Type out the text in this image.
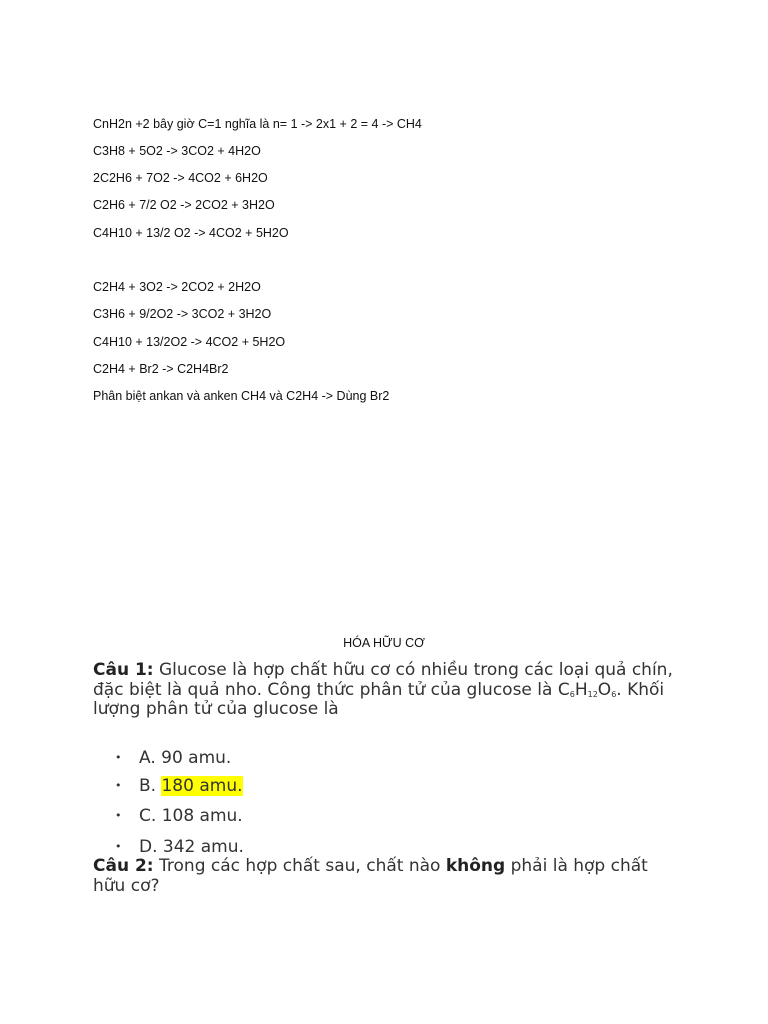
CnH2n +2 bây giờ C=1 nghĩa là n= 1 -> 2x1 + 2 = 4 -> CH4
C3H8 + 5O2 -> 3CO2 + 4H2O
2C2H6 + 7O2 -> 4CO2 + 6H2O
C2H6 + 7/2 O2 -> 2CO2 + 3H2O
C4H10 + 13/2 O2 -> 4CO2 + 5H2O
C2H4 + 3O2 -> 2CO2 + 2H2O
C3H6 + 9/2O2 -> 3CO2 + 3H2O
C4H10 + 13/2O2 -> 4CO2 + 5H2O
C2H4 + Br2 -> C2H4Br2
Phân biệt ankan và anken CH4 và C2H4 -> Dùng Br2
HÓA HỮU CƠ
Câu 1: Glucose là hợp chất hữu cơ có nhiều trong các loại quả chín, đặc biệt là quả nho. Công thức phân tử của glucose là $C_6H_{12}O_6$. Khối lượng phân tử của glucose là
• A. 90 amu.
• B. 180 amu.
• C. 108 amu.
• D. 342 amu.
Câu 2: Trong các hợp chất sau, chất nào không phải là hợp chất hữu cơ?
